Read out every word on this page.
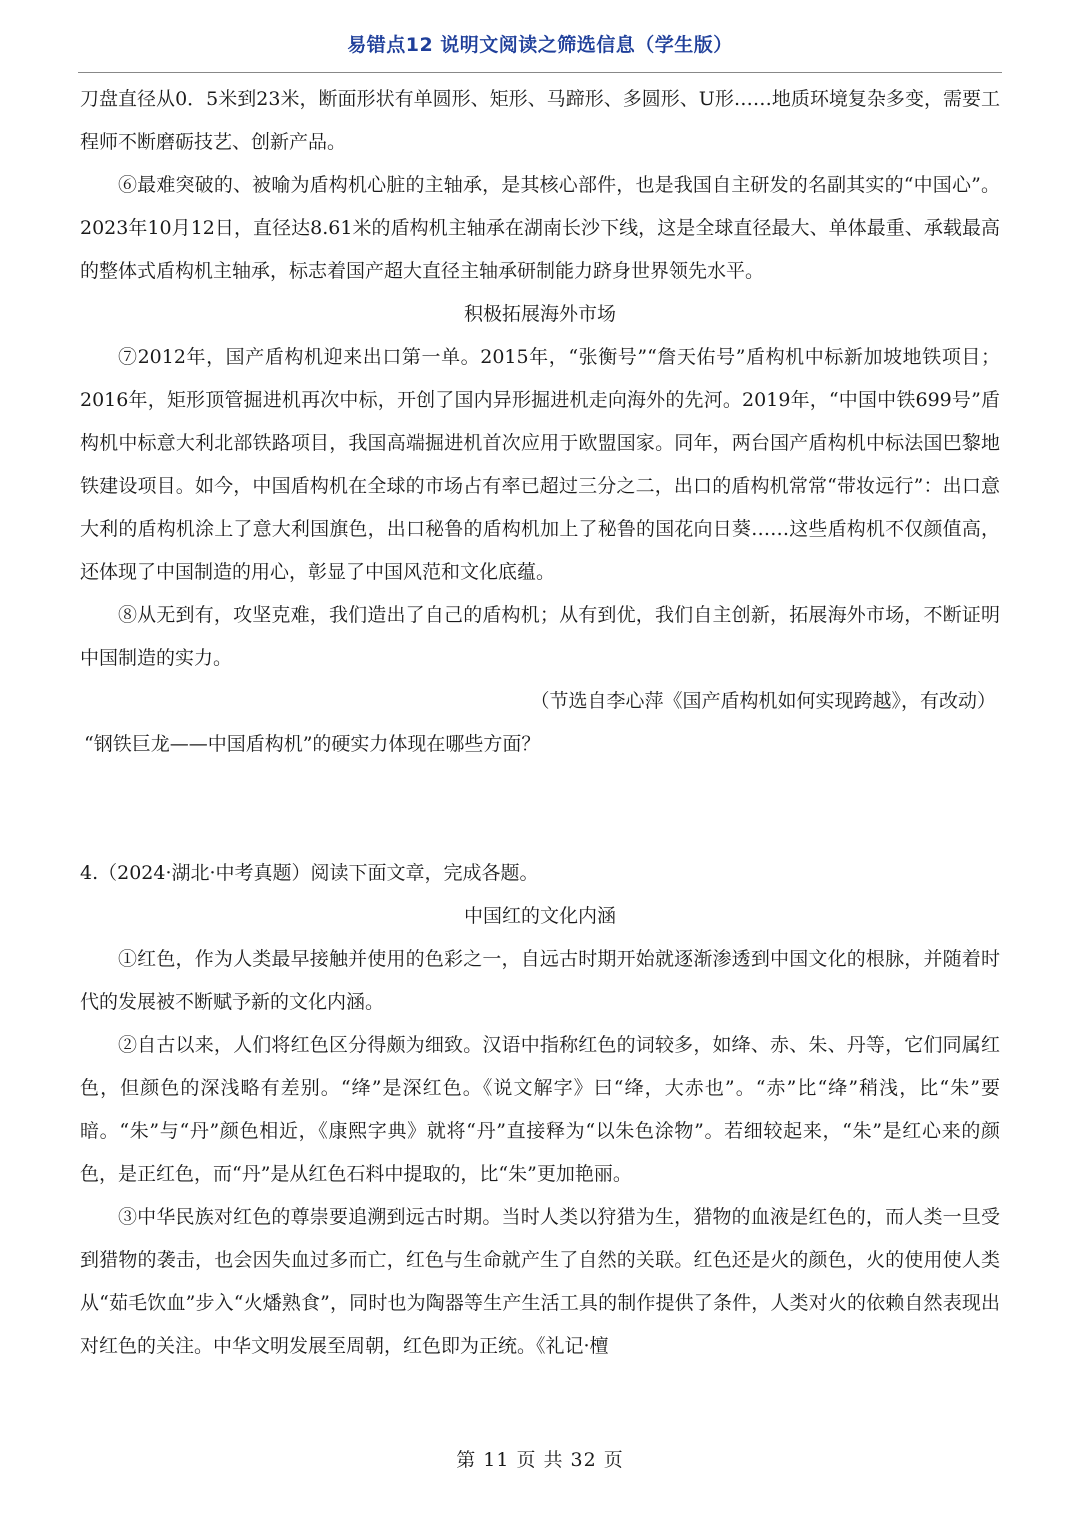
易错点12 说明文阅读之筛选信息（学生版）

刀盘直径从0．5米到23米，断面形状有单圆形、矩形、马蹄形、多圆形、U形……地质环境复杂多变，需要工程师不断磨砺技艺、创新产品。

⑥最难突破的、被喻为盾构机心脏的主轴承，是其核心部件，也是我国自主研发的名副其实的“中国心”。2023年10月12日，直径达8.61米的盾构机主轴承在湖南长沙下线，这是全球直径最大、单体最重、承载最高的整体式盾构机主轴承，标志着国产超大直径主轴承研制能力跻身世界领先水平。

积极拓展海外市场

⑦2012年，国产盾构机迎来出口第一单。2015年，“张衡号”“詹天佑号”盾构机中标新加坡地铁项目；2016年，矩形顶管掘进机再次中标，开创了国内异形掘进机走向海外的先河。2019年，“中国中铁699号”盾构机中标意大利北部铁路项目，我国高端掘进机首次应用于欧盟国家。同年，两台国产盾构机中标法国巴黎地铁建设项目。如今，中国盾构机在全球的市场占有率已超过三分之二，出口的盾构机常常“带妆远行”：出口意大利的盾构机涂上了意大利国旗色，出口秘鲁的盾构机加上了秘鲁的国花向日葵……这些盾构机不仅颜值高，还体现了中国制造的用心，彰显了中国风范和文化底蕴。

⑧从无到有，攻坚克难，我们造出了自己的盾构机；从有到优，我们自主创新，拓展海外市场，不断证明中国制造的实力。

（节选自李心萍《国产盾构机如何实现跨越》，有改动）

“钢铁巨龙——中国盾构机”的硬实力体现在哪些方面？

4.（2024·湖北·中考真题）阅读下面文章，完成各题。

中国红的文化内涵

①红色，作为人类最早接触并使用的色彩之一，自远古时期开始就逐渐渗透到中国文化的根脉，并随着时代的发展被不断赋予新的文化内涵。

②自古以来，人们将红色区分得颇为细致。汉语中指称红色的词较多，如绛、赤、朱、丹等，它们同属红色，但颜色的深浅略有差别。“绛”是深红色。《说文解字》曰“绛，大赤也”。“赤”比“绛”稍浅，比“朱”要暗。“朱”与“丹”颜色相近，《康熙字典》就将“丹”直接释为“以朱色涂物”。若细较起来，“朱”是红心来的颜色，是正红色，而“丹”是从红色石料中提取的，比“朱”更加艳丽。

③中华民族对红色的尊崇要追溯到远古时期。当时人类以狩猎为生，猎物的血液是红色的，而人类一旦受到猎物的袭击，也会因失血过多而亡，红色与生命就产生了自然的关联。红色还是火的颜色，火的使用使人类从“茹毛饮血”步入“火燔熟食”，同时也为陶器等生产生活工具的制作提供了条件，人类对火的依赖自然表现出对红色的关注。中华文明发展至周朝，红色即为正统。《礼记·檀

第 11 页 共 32 页
